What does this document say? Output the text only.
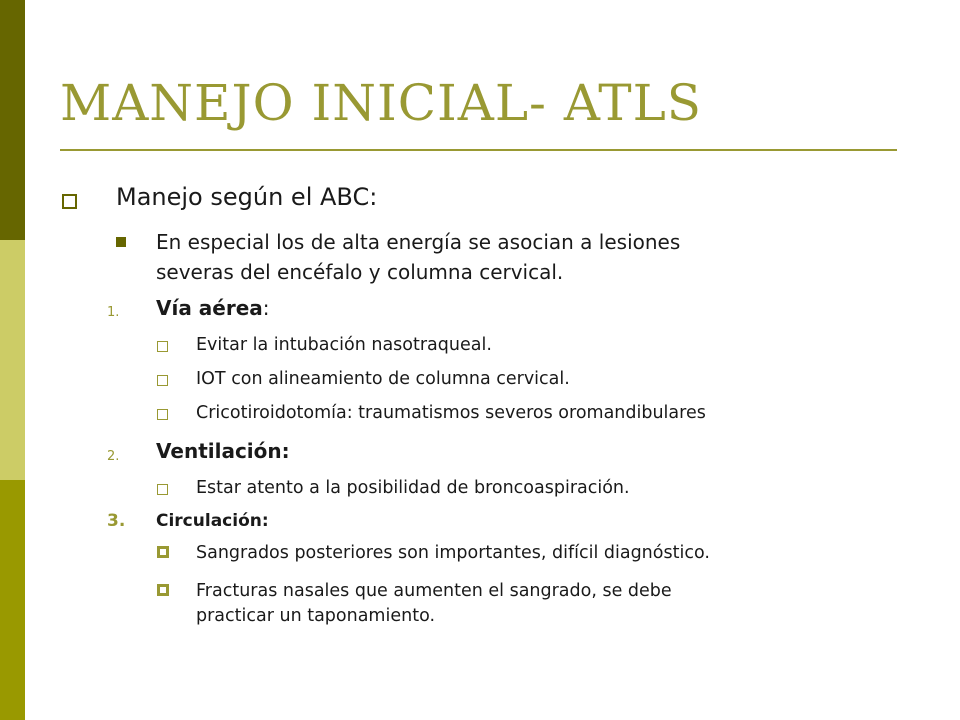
MANEJO INICIAL- ATLS
Manejo según el ABC:
En especial los de alta energía se asocian a lesiones
severas del encéfalo y columna cervical.
1. Vía aérea:
Evitar la intubación nasotraqueal.
IOT con alineamiento de columna cervical.
Cricotiroidotomía: traumatismos severos oromandibulares
2. Ventilación:
Estar atento a la posibilidad de broncoaspiración.
3. Circulación:
Sangrados posteriores son importantes, difícil diagnóstico.
Fracturas nasales que aumenten el sangrado, se debe
practicar un taponamiento.
